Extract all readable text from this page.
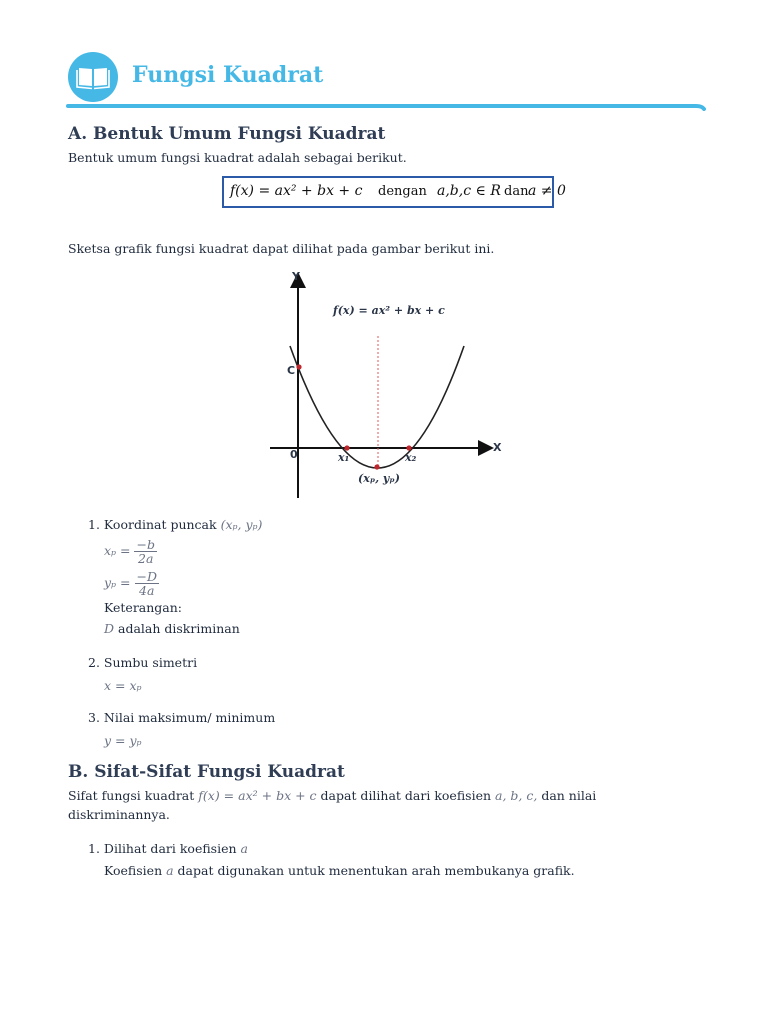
Fungsi Kuadrat
A. Bentuk Umum Fungsi Kuadrat
Bentuk umum fungsi kuadrat adalah sebagai berikut.
f(x) = ax² + bx + c dengan a,b,c ∈ R dan a ≠ 0
Sketsa grafik fungsi kuadrat dapat dilihat pada gambar berikut ini.
Y
X
C
0	x₁	x₂
(xₚ, yₚ)
f(x) = ax² + bx + c
1. Koordinat puncak (xₚ, yₚ)
$x_p = \frac{-b}{2a}$
$y_p = \frac{-D}{4a}$
Keterangan:
D adalah diskriminan
2. Sumbu simetri
x = xₚ
3. Nilai maksimum/ minimum
y = yₚ
B. Sifat-Sifat Fungsi Kuadrat
Sifat fungsi kuadrat f(x) = ax² + bx + c dapat dilihat dari koefisien a, b, c, dan nilai
diskriminannya.
1. Dilihat dari koefisien a
Koefisien a dapat digunakan untuk menentukan arah membukanya grafik.
